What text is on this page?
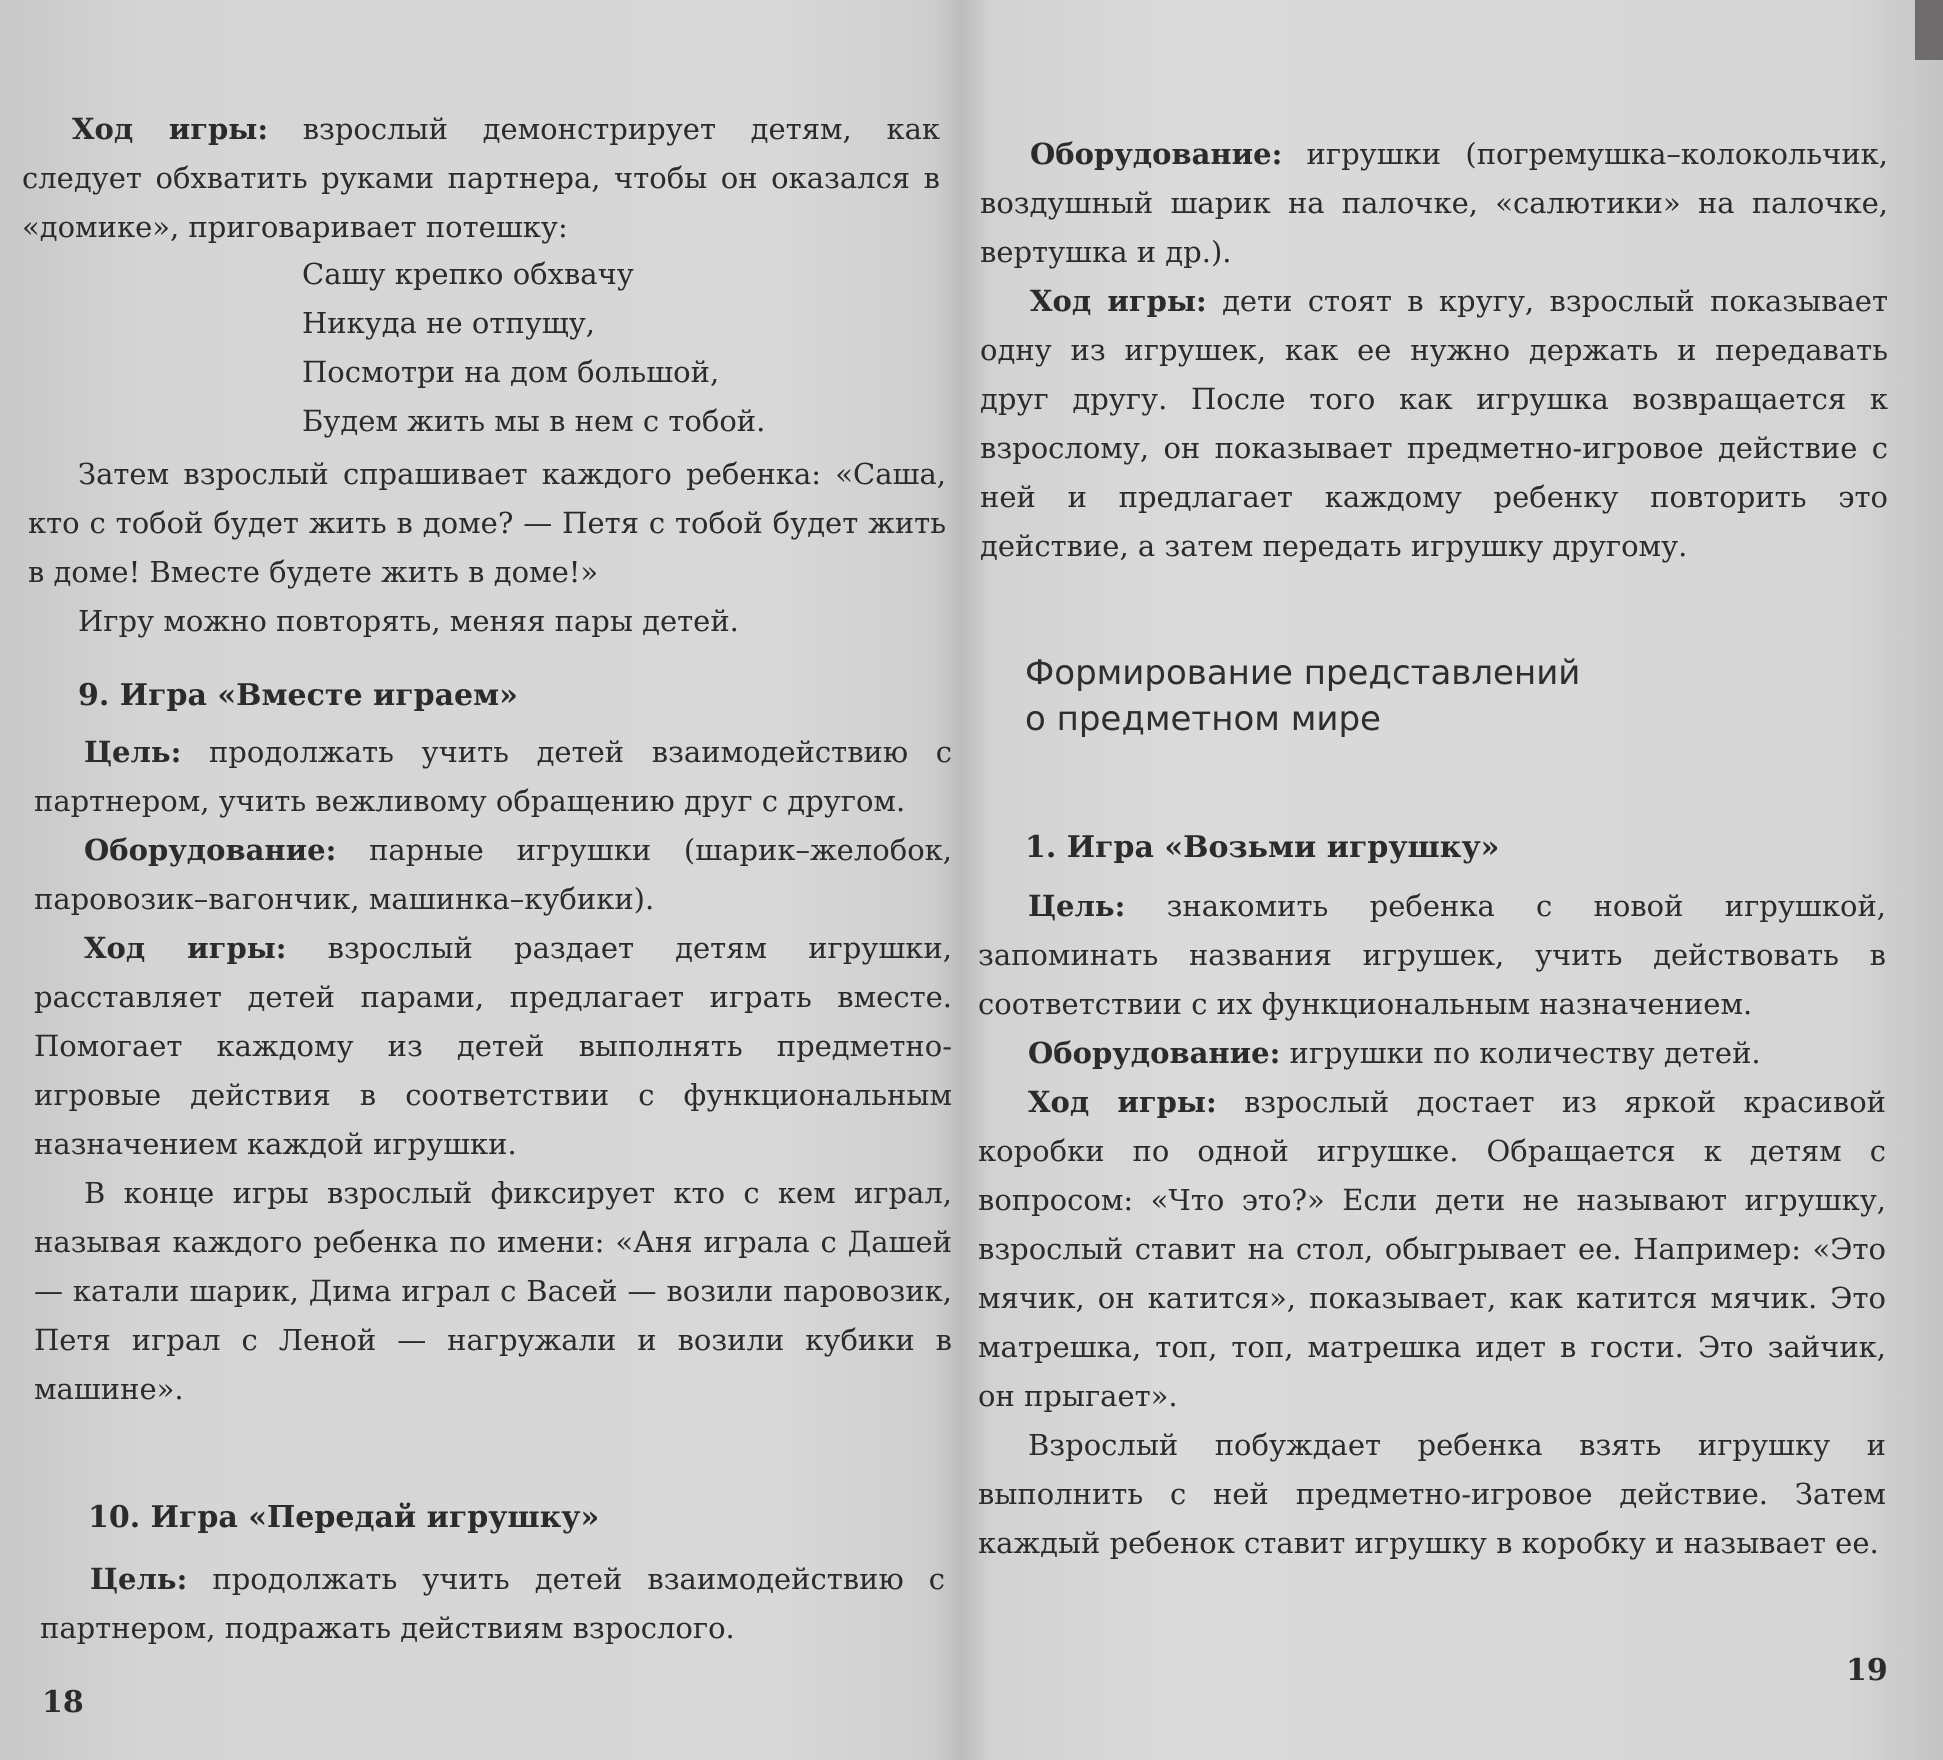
Ход игры: взрослый демонстрирует детям, как следует обхватить руками партнера, чтобы он оказался в «домике», приговаривает потешку:

Сашу крепко обхвачу
Никуда не отпущу,
Посмотри на дом большой,
Будем жить мы в нем с тобой.

Затем взрослый спрашивает каждого ребенка: «Саша, кто с тобой будет жить в доме? — Петя с тобой будет жить в доме! Вместе будете жить в доме!»

Игру можно повторять, меняя пары детей.

9. Игра «Вместе играем»

Цель: продолжать учить детей взаимодействию с партнером, учить вежливому обращению друг с другом.

Оборудование: парные игрушки (шарик–желобок, паровозик–вагончик, машинка–кубики).

Ход игры: взрослый раздает детям игрушки, расставляет детей парами, предлагает играть вместе. Помогает каждому из детей выполнять предметно-игровые действия в соответствии с функциональным назначением каждой игрушки.

В конце игры взрослый фиксирует кто с кем играл, называя каждого ребенка по имени: «Аня играла с Дашей — катали шарик, Дима играл с Васей — возили паровозик, Петя играл с Леной — нагружали и возили кубики в машине».

10. Игра «Передай игрушку»

Цель: продолжать учить детей взаимодействию с партнером, подражать действиям взрослого.

18

Оборудование: игрушки (погремушка–колокольчик, воздушный шарик на палочке, «салютики» на палочке, вертушка и др.).

Ход игры: дети стоят в кругу, взрослый показывает одну из игрушек, как ее нужно держать и передавать друг другу. После того как игрушка возвращается к взрослому, он показывает предметно-игровое действие с ней и предлагает каждому ребенку повторить это действие, а затем передать игрушку другому.

Формирование представлений
о предметном мире
1. Игра «Возьми игрушку»

Цель: знакомить ребенка с новой игрушкой, запоминать названия игрушек, учить действовать в соответствии с их функциональным назначением.

Оборудование: игрушки по количеству детей.

Ход игры: взрослый достает из яркой красивой коробки по одной игрушке. Обращается к детям с вопросом: «Что это?» Если дети не называют игрушку, взрослый ставит на стол, обыгрывает ее. Например: «Это мячик, он катится», показывает, как катится мячик. Это матрешка, топ, топ, матрешка идет в гости. Это зайчик, он прыгает».

Взрослый побуждает ребенка взять игрушку и выполнить с ней предметно-игровое действие. Затем каждый ребенок ставит игрушку в коробку и называет ее.

19
